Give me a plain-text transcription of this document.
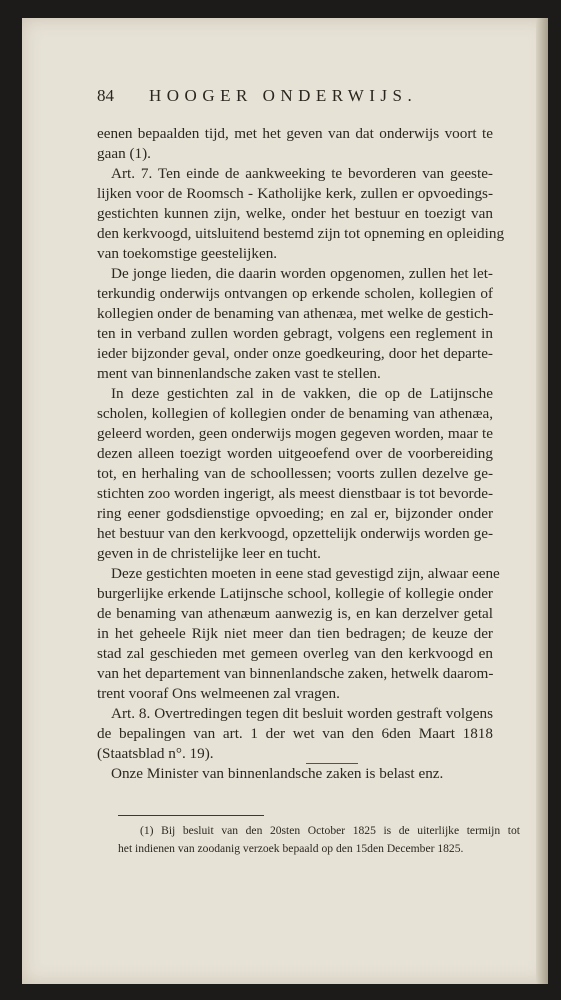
84	HOOGER ONDERWIJS.
eenen bepaalden tijd, met het geven van dat onderwijs voort te
gaan (1).
Art. 7. Ten einde de aankweeking te bevorderen van geeste-
lijken voor de Roomsch - Katholijke kerk, zullen er opvoedings-
gestichten kunnen zijn, welke, onder het bestuur en toezigt van
den kerkvoogd, uitsluitend bestemd zijn tot opneming en opleiding
van toekomstige geestelijken.
De jonge lieden, die daarin worden opgenomen, zullen het let-
terkundig onderwijs ontvangen op erkende scholen, kollegien of
kollegien onder de benaming van athenæa, met welke de gestich-
ten in verband zullen worden gebragt, volgens een reglement in
ieder bijzonder geval, onder onze goedkeuring, door het departe-
ment van binnenlandsche zaken vast te stellen.
In deze gestichten zal in de vakken, die op de Latijnsche
scholen, kollegien of kollegien onder de benaming van athenæa,
geleerd worden, geen onderwijs mogen gegeven worden, maar te
dezen alleen toezigt worden uitgeoefend over de voorbereiding
tot, en herhaling van de schoollessen; voorts zullen dezelve ge-
stichten zoo worden ingerigt, als meest dienstbaar is tot bevorde-
ring eener godsdienstige opvoeding; en zal er, bijzonder onder
het bestuur van den kerkvoogd, opzettelijk onderwijs worden ge-
geven in de christelijke leer en tucht.
Deze gestichten moeten in eene stad gevestigd zijn, alwaar eene
burgerlijke erkende Latijnsche school, kollegie of kollegie onder
de benaming van athenæum aanwezig is, en kan derzelver getal
in het geheele Rijk niet meer dan tien bedragen; de keuze der
stad zal geschieden met gemeen overleg van den kerkvoogd en
van het departement van binnenlandsche zaken, hetwelk daarom-
trent vooraf Ons welmeenen zal vragen.
Art. 8. Overtredingen tegen dit besluit worden gestraft volgens
de bepalingen van art. 1 der wet van den 6den Maart 1818
(Staatsblad n°. 19).
Onze Minister van binnenlandsche zaken is belast enz.
(1) Bij besluit van den 20sten October 1825 is de uiterlijke termijn tot
het indienen van zoodanig verzoek bepaald op den 15den December 1825.
